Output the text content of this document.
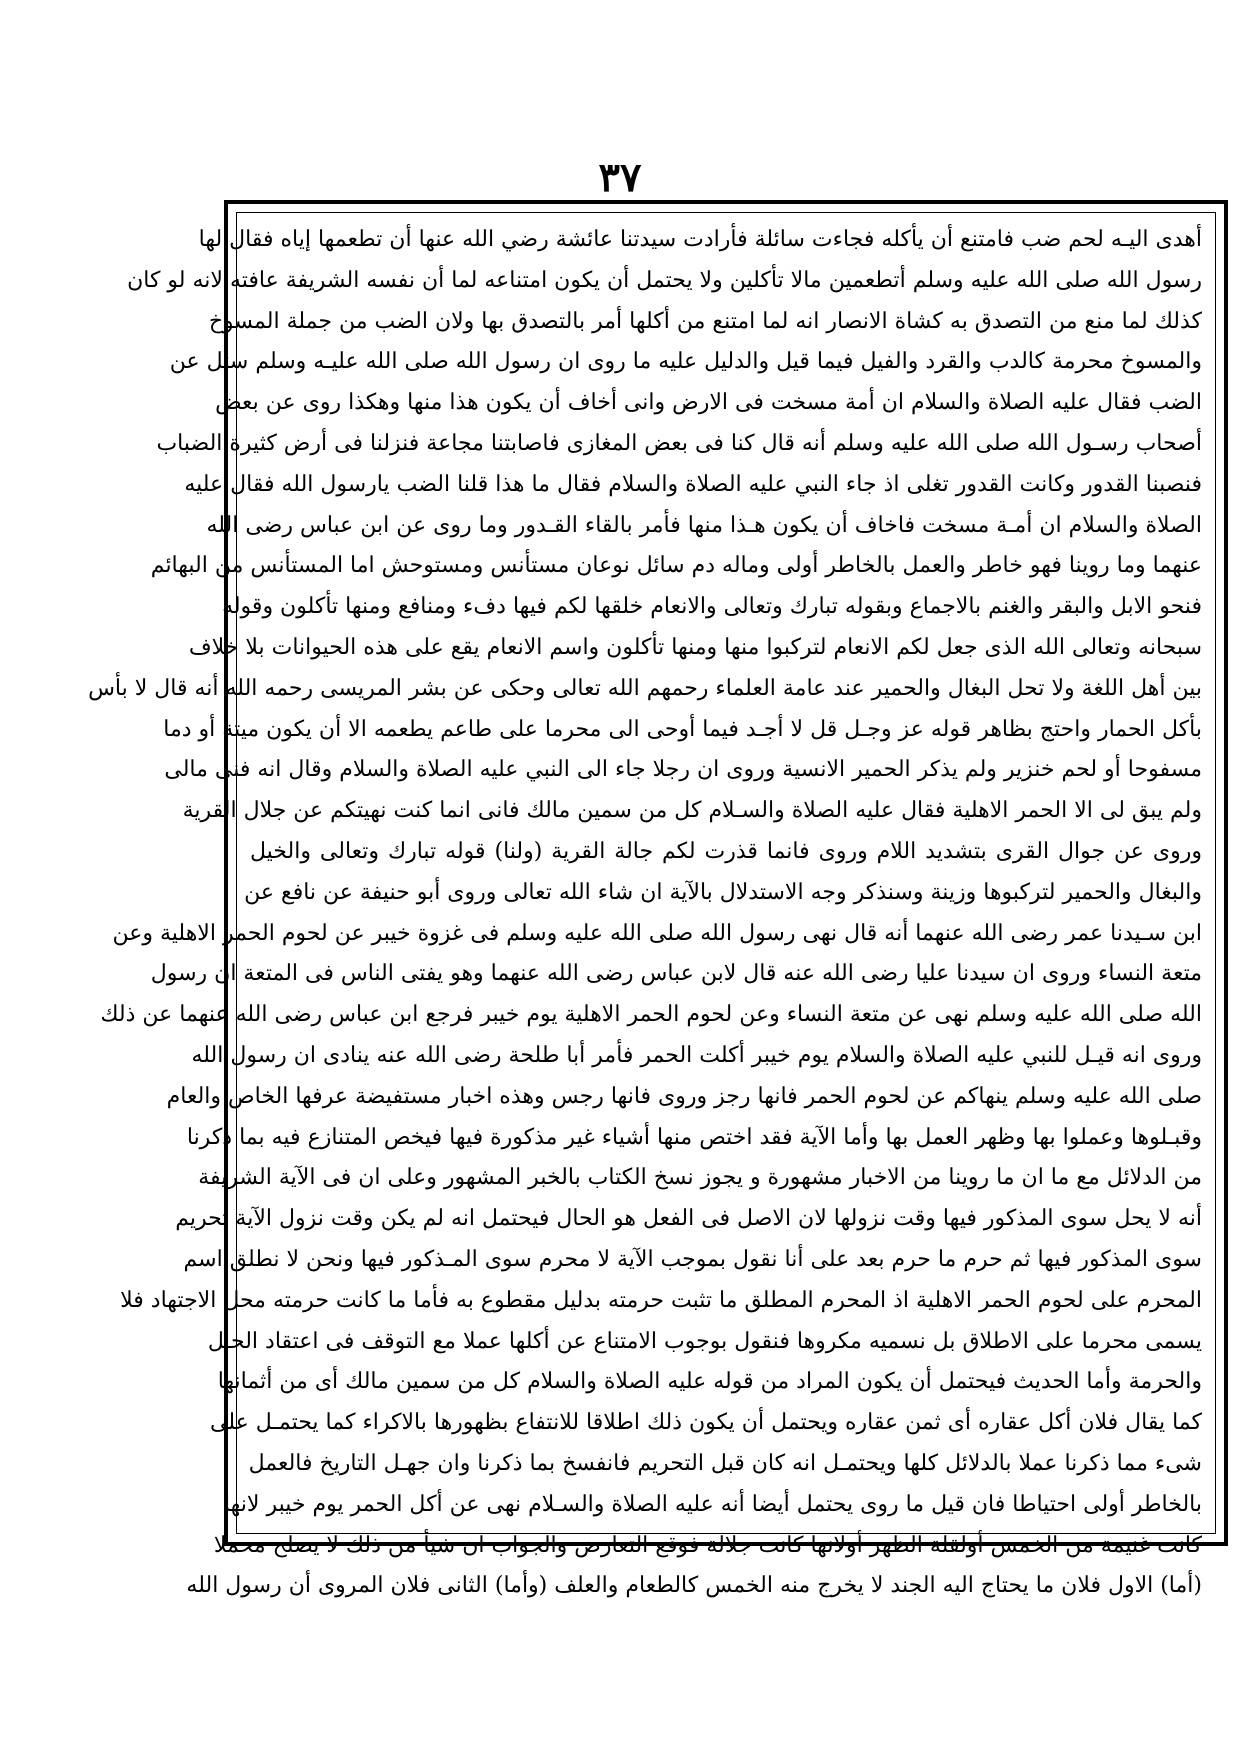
٣٧
أهدى اليـه لحم ضب فامتنع أن يأكله فجاءت سائلة فأرادت سيدتنا عائشة رضي الله عنها أن تطعمها إياه فقال لها
رسول الله صلى الله عليه وسلم أتطعمين مالا تأكلين ولا يحتمل أن يكون امتناعه لما أن نفسه الشريفة عافته لانه لو كان
كذلك لما منع من التصدق به كشاة الانصار انه لما امتنع من أكلها أمر بالتصدق بها ولان الضب من جملة المسوخ
والمسوخ محرمة كالدب والقرد والفيل فيما قيل والدليل عليه ما روى ان رسول الله صلى الله عليـه وسلم سئل عن
الضب فقال عليه الصلاة والسلام ان أمة مسخت فى الارض وانى أخاف أن يكون هذا منها وهكذا روى عن بعض
أصحاب رسـول الله صلى الله عليه وسلم أنه قال كنا فى بعض المغازى فاصابتنا مجاعة فنزلنا فى أرض كثيرة الضباب
فنصبنا القدور وكانت القدور تغلى اذ جاء النبي عليه الصلاة والسلام فقال ما هذا قلنا الضب يارسول الله فقال عليه
الصلاة والسلام ان أمـة مسخت فاخاف أن يكون هـذا منها فأمر بالقاء القـدور وما روى عن ابن عباس رضى الله
عنهما وما روينا فهو خاطر والعمل بالخاطر أولى وماله دم سائل نوعان مستأنس ومستوحش اما المستأنس من البهائم
فنحو الابل والبقر والغنم بالاجماع وبقوله تبارك وتعالى والانعام خلقها لكم فيها دفء ومنافع ومنها تأكلون وقوله
سبحانه وتعالى الله الذى جعل لكم الانعام لتركبوا منها ومنها تأكلون واسم الانعام يقع على هذه الحيوانات بلا خلاف
بين أهل اللغة ولا تحل البغال والحمير عند عامة العلماء رحمهم الله تعالى وحكى عن بشر المريسى رحمه الله أنه قال لا بأس
بأكل الحمار واحتج بظاهر قوله عز وجـل قل لا أجـد فيما أوحى الى محرما على طاعم يطعمه الا أن يكون ميتة أو دما
مسفوحا أو لحم خنزير ولم يذكر الحمير الانسية وروى ان رجلا جاء الى النبي عليه الصلاة والسلام وقال انه فنى مالى
ولم يبق لى الا الحمر الاهلية فقال عليه الصلاة والسـلام كل من سمين مالك فانى انما كنت نهيتكم عن جلال القرية
وروى عن جوال القرى بتشديد اللام وروى فانما قذرت لكم جالة القرية (ولنا) قوله تبارك وتعالى والخيل
والبغال والحمير لتركبوها وزينة وسنذكر وجه الاستدلال بالآية ان شاء الله تعالى وروى أبو حنيفة عن نافع عن
ابن سـيدنا عمر رضى الله عنهما أنه قال نهى رسول الله صلى الله عليه وسلم فى غزوة خيبر عن لحوم الحمر الاهلية وعن
متعة النساء وروى ان سيدنا عليا رضى الله عنه قال لابن عباس رضى الله عنهما وهو يفتى الناس فى المتعة ان رسول
الله صلى الله عليه وسلم نهى عن متعة النساء وعن لحوم الحمر الاهلية يوم خيبر فرجع ابن عباس رضى الله عنهما عن ذلك
وروى انه قيـل للنبي عليه الصلاة والسلام يوم خيبر أكلت الحمر فأمر أبا طلحة رضى الله عنه ينادى ان رسول الله
صلى الله عليه وسلم ينهاكم عن لحوم الحمر فانها رجز وروى فانها رجس وهذه اخبار مستفيضة عرفها الخاص والعام
وقبـلوها وعملوا بها وظهر العمل بها وأما الآية فقد اختص منها أشياء غير مذكورة فيها فيخص المتنازع فيه بما ذكرنا
من الدلائل مع ما ان ما روينا من الاخبار مشهورة و يجوز نسخ الكتاب بالخبر المشهور وعلى ان فى الآية الشريفة
أنه لا يحل سوى المذكور فيها وقت نزولها لان الاصل فى الفعل هو الحال فيحتمل انه لم يكن وقت نزول الآية تحريم
سوى المذكور فيها ثم حرم ما حرم بعد على أنا نقول بموجب الآية لا محرم سوى المـذكور فيها ونحن لا نطلق اسم
المحرم على لحوم الحمر الاهلية اذ المحرم المطلق ما تثبت حرمته بدليل مقطوع به فأما ما كانت حرمته محل الاجتهاد فلا
يسمى محرما على الاطلاق بل نسميه مكروها فنقول بوجوب الامتناع عن أكلها عملا مع التوقف فى اعتقاد الحـل
والحرمة وأما الحديث فيحتمل أن يكون المراد من قوله عليه الصلاة والسلام كل من سمين مالك أى من أثمانها
كما يقال فلان أكل عقاره أى ثمن عقاره ويحتمل أن يكون ذلك اطلاقا للانتفاع بظهورها بالاكراء كما يحتمـل على
شىء مما ذكرنا عملا بالدلائل كلها ويحتمـل انه كان قبل التحريم فانفسخ بما ذكرنا وان جهـل التاريخ فالعمل
بالخاطر أولى احتياطا فان قيل ما روى يحتمل أيضا أنه عليه الصلاة والسـلام نهى عن أكل الحمر يوم خيبر لانها
كانت غنيمة من الخمس أولقلة الظهر أولانها كانت جلالة فوقع التعارض والجواب ان شيأ من ذلك لا يصلح محملا
(أما) الاول فلان ما يحتاج اليه الجند لا يخرج منه الخمس كالطعام والعلف (وأما) الثانى فلان المروى أن رسول الله
